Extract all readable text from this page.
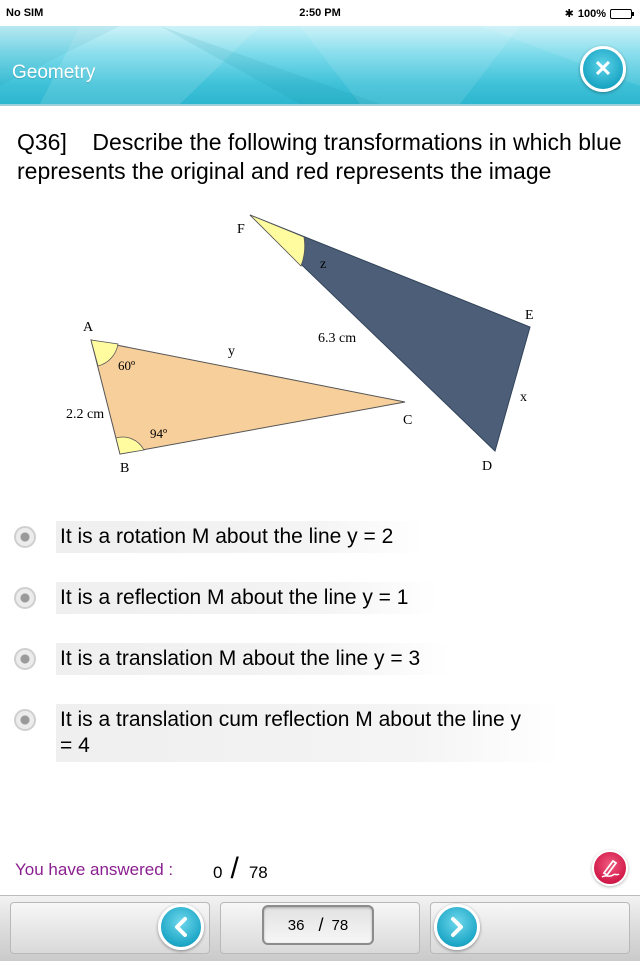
No SIM	2:50 PM	✱ 100%
Geometry	✕

Q36]    Describe the following transformations in which blue represents the original and red represents the image

F
z
E
6.3 cm
x
D
A
y
60º
2.2 cm	C
94º
B
It is a rotation M about the line y = 2
It is a reflection M about the line y = 1
It is a translation M about the line y = 3
It is a translation cum reflection M about the line y = 4
You have answered : 0 / 78
36 / 78
